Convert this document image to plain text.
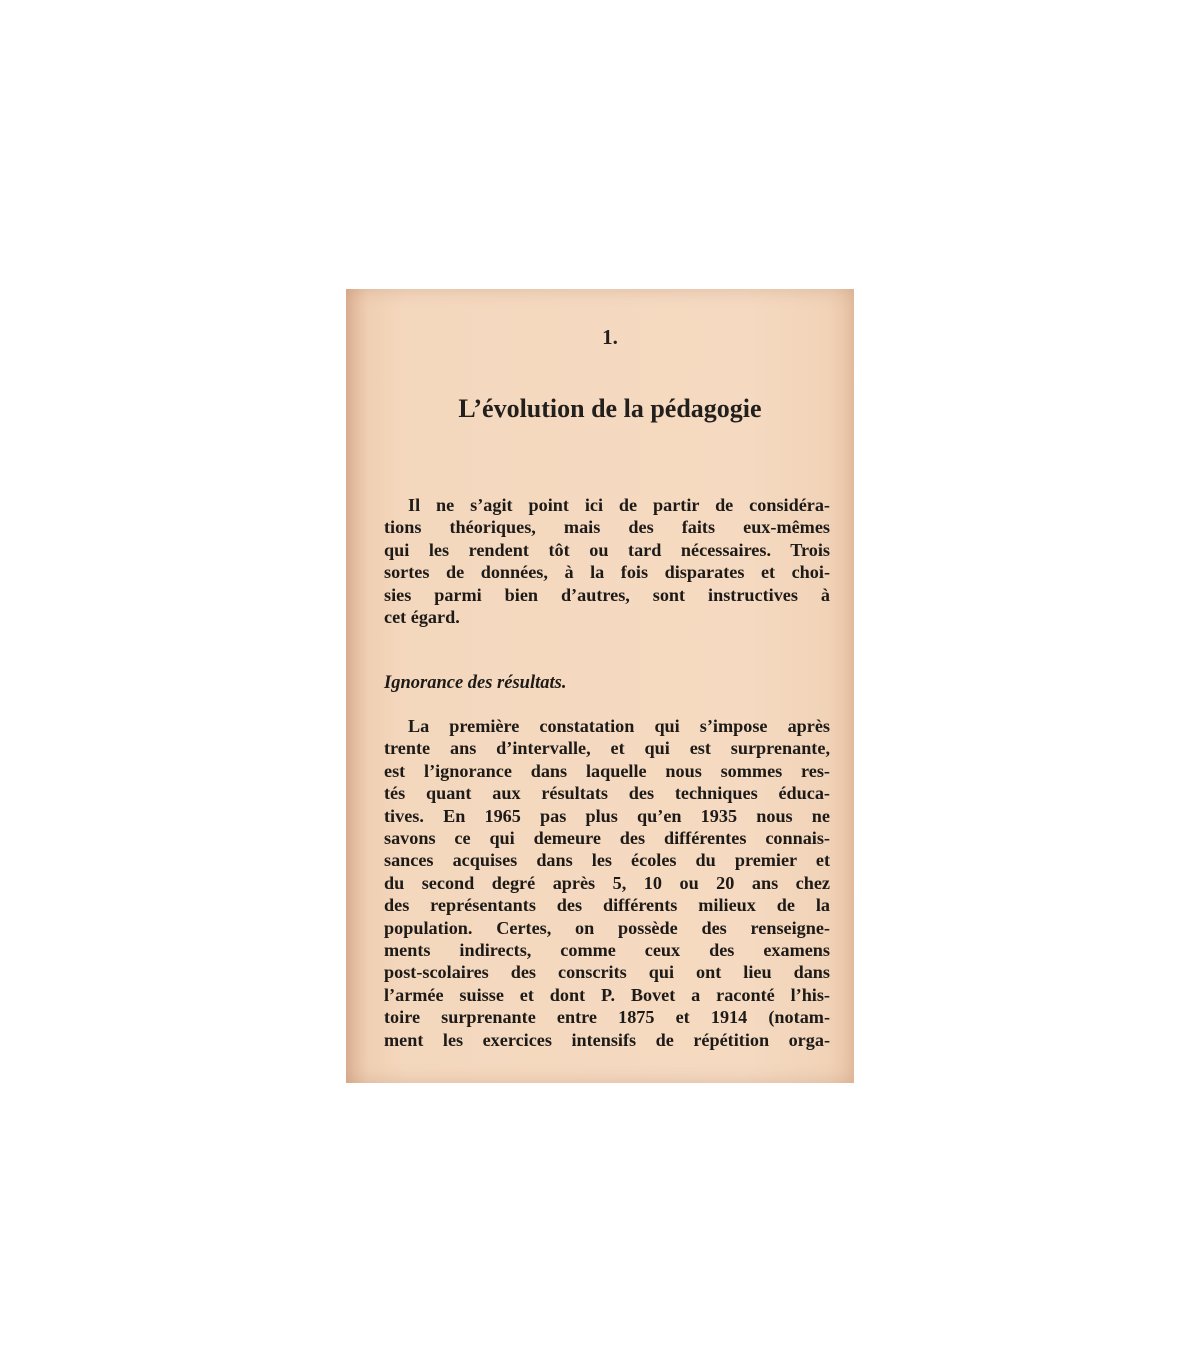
1.
L’évolution de la pédagogie
Il ne s’agit point ici de partir de considéra-
tions théoriques, mais des faits eux-mêmes
qui les rendent tôt ou tard nécessaires. Trois
sortes de données, à la fois disparates et choi-
sies parmi bien d’autres, sont instructives à
cet égard.
Ignorance des résultats.
La première constatation qui s’impose après
trente ans d’intervalle, et qui est surprenante,
est l’ignorance dans laquelle nous sommes res-
tés quant aux résultats des techniques éduca-
tives. En 1965 pas plus qu’en 1935 nous ne
savons ce qui demeure des différentes connais-
sances acquises dans les écoles du premier et
du second degré après 5, 10 ou 20 ans chez
des représentants des différents milieux de la
population. Certes, on possède des renseigne-
ments indirects, comme ceux des examens
post-scolaires des conscrits qui ont lieu dans
l’armée suisse et dont P. Bovet a raconté l’his-
toire surprenante entre 1875 et 1914 (notam-
ment les exercices intensifs de répétition orga-
